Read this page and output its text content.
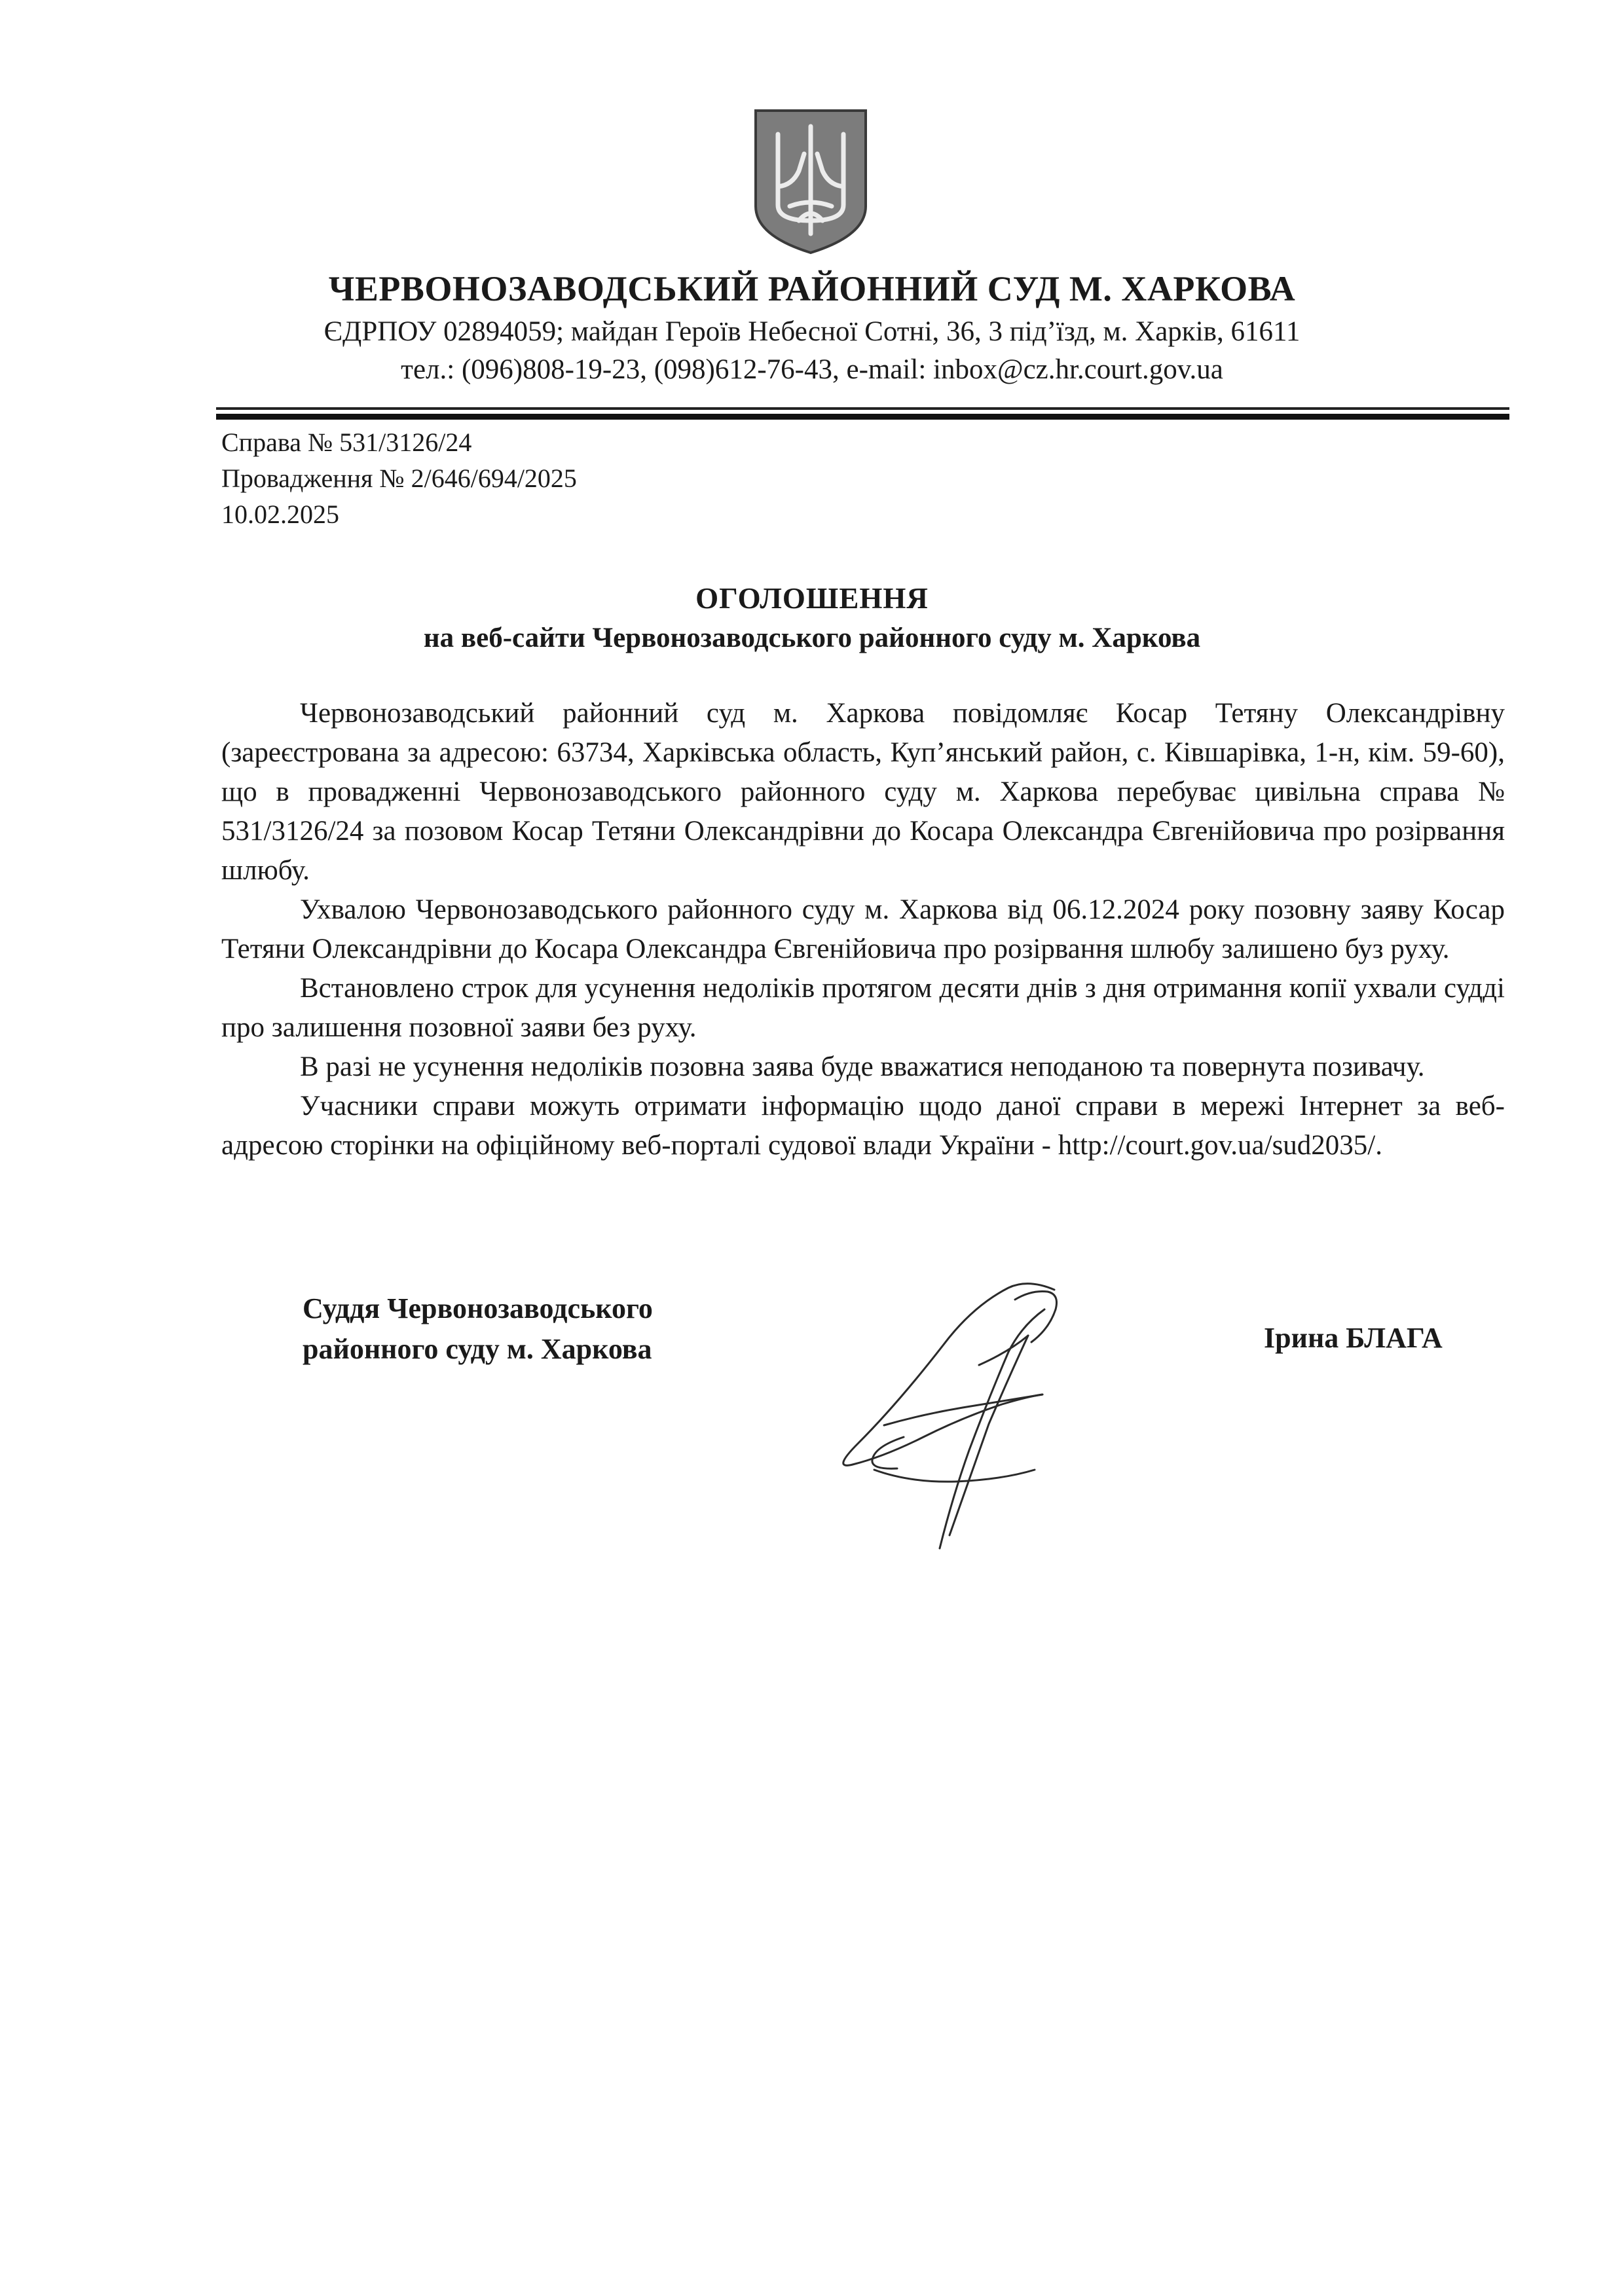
ЧЕРВОНОЗАВОДСЬКИЙ РАЙОННИЙ СУД М. ХАРКОВА
ЄДРПОУ 02894059; майдан Героїв Небесної Сотні, 36, 3 під’їзд, м. Харків, 61611
тел.: (096)808-19-23, (098)612-76-43, e-mail: inbox@cz.hr.court.gov.ua
Справа № 531/3126/24
Провадження № 2/646/694/2025
10.02.2025
ОГОЛОШЕННЯ
на веб-сайти Червонозаводського районного суду м. Харкова

Червонозаводський районний суд м. Харкова повідомляє Косар Тетяну Олександрівну (зареєстрована за адресою: 63734, Харківська область, Куп’янський район, с. Ківшарівка, 1-н, кім. 59-60), що в провадженні Червонозаводського районного суду м. Харкова перебуває цивільна справа № 531/3126/24 за позовом Косар Тетяни Олександрівни до Косара Олександра Євгенійовича про розірвання шлюбу.

Ухвалою Червонозаводського районного суду м. Харкова від 06.12.2024 року позовну заяву Косар Тетяни Олександрівни до Косара Олександра Євгенійовича про розірвання шлюбу залишено буз руху.

Встановлено строк для усунення недоліків протягом десяти днів з дня отримання копії ухвали судді про залишення позовної заяви без руху.

В разі не усунення недоліків позовна заява буде вважатися неподаною та повернута позивачу.

Учасники справи можуть отримати інформацію щодо даної справи в мережі Інтернет за веб-адресою сторінки на офіційному веб-порталі судової влади України - http://court.gov.ua/sud2035/.

Суддя Червонозаводського
районного суду м. Харкова	Ірина БЛАГА
